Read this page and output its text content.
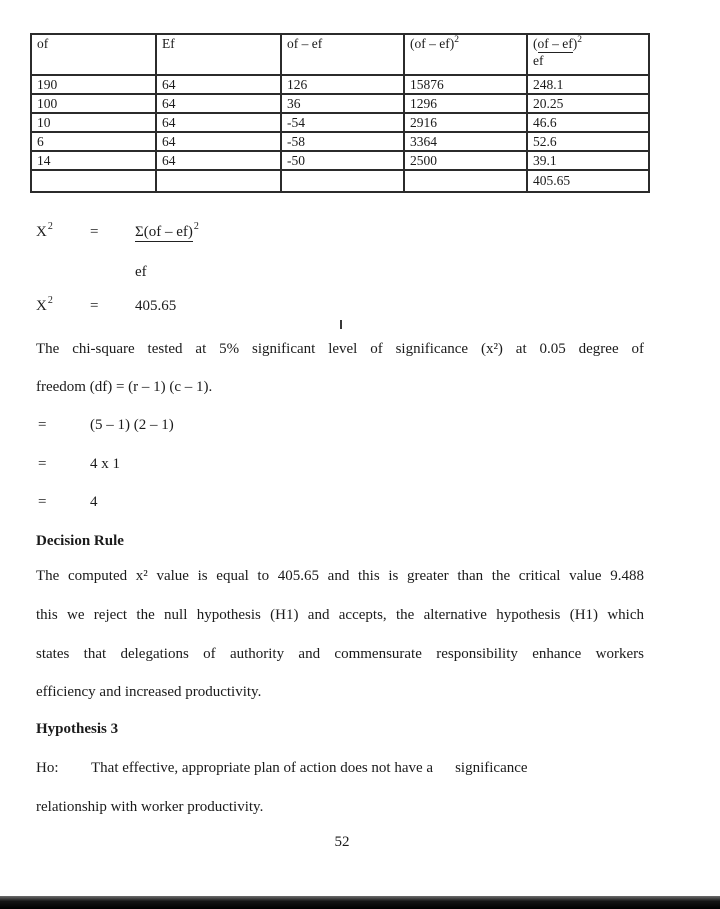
of	Ef	of – ef	(of – ef)$^2$	(of – ef)$^2$
ef

190	64	126	15876	248.1
100	64	36	1296	20.25
10	64	-54	2916	46.6
6	64	-58	3364	52.6
14	64	-50	2500	39.1
				405.65
$X^2 = \Sigma(of - ef)^2$
ef
$X^2 = 405.65$
The chi-square tested at 5% significant level of significance (x²) at 0.05 degree of
freedom (df) = (r – 1) (c – 1).
=	(5 – 1) (2 – 1)
=	4 x 1
=	4
Decision Rule
The computed x² value is equal to 405.65 and this is greater than the critical value 9.488
this we reject the null hypothesis (H1) and accepts, the alternative hypothesis (H1) which
states that delegations of authority and commensurate responsibility enhance workers
efficiency and increased productivity.
Hypothesis 3
Ho: That effective, appropriate plan of action does not have a significance
relationship with worker productivity.
52
